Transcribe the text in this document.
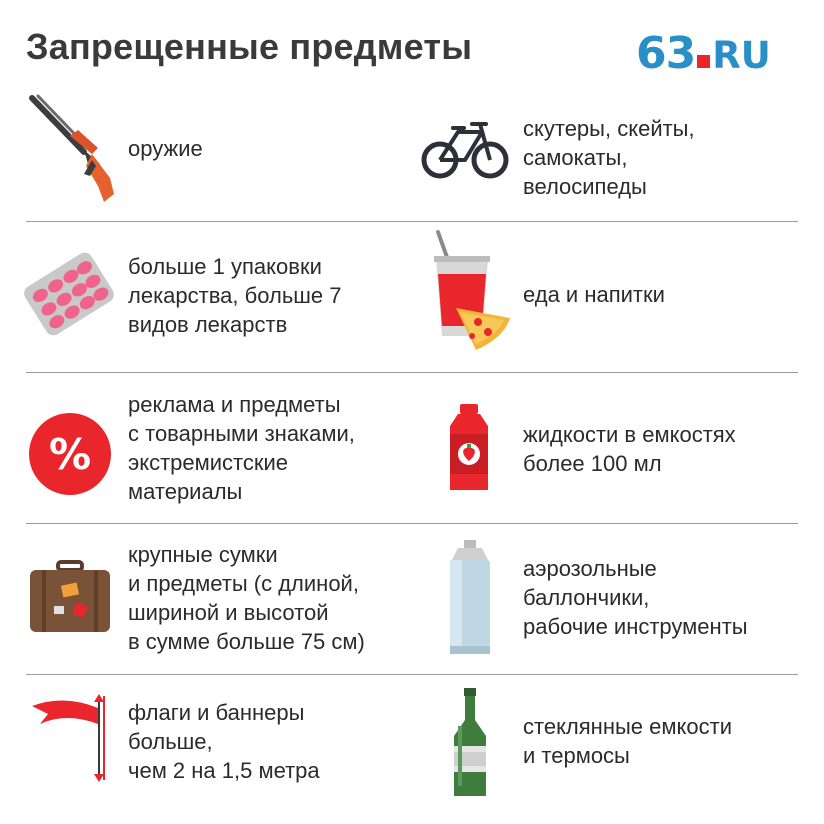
Запрещенные предметы	63 RU

оружие

скутеры, скейты,
самокаты,
велосипеды

больше 1 упаковки
лекарства, больше 7
видов лекарств

еда и напитки

%

реклама и предметы
с товарными знаками,
экстремистские
материалы

жидкости в емкостях
более 100 мл

крупные сумки
и предметы (с длиной,
шириной и высотой
в сумме больше 75 см)

аэрозольные
баллончики,
рабочие инструменты

флаги и баннеры
больше,
чем 2 на 1,5 метра

стеклянные емкости
и термосы
